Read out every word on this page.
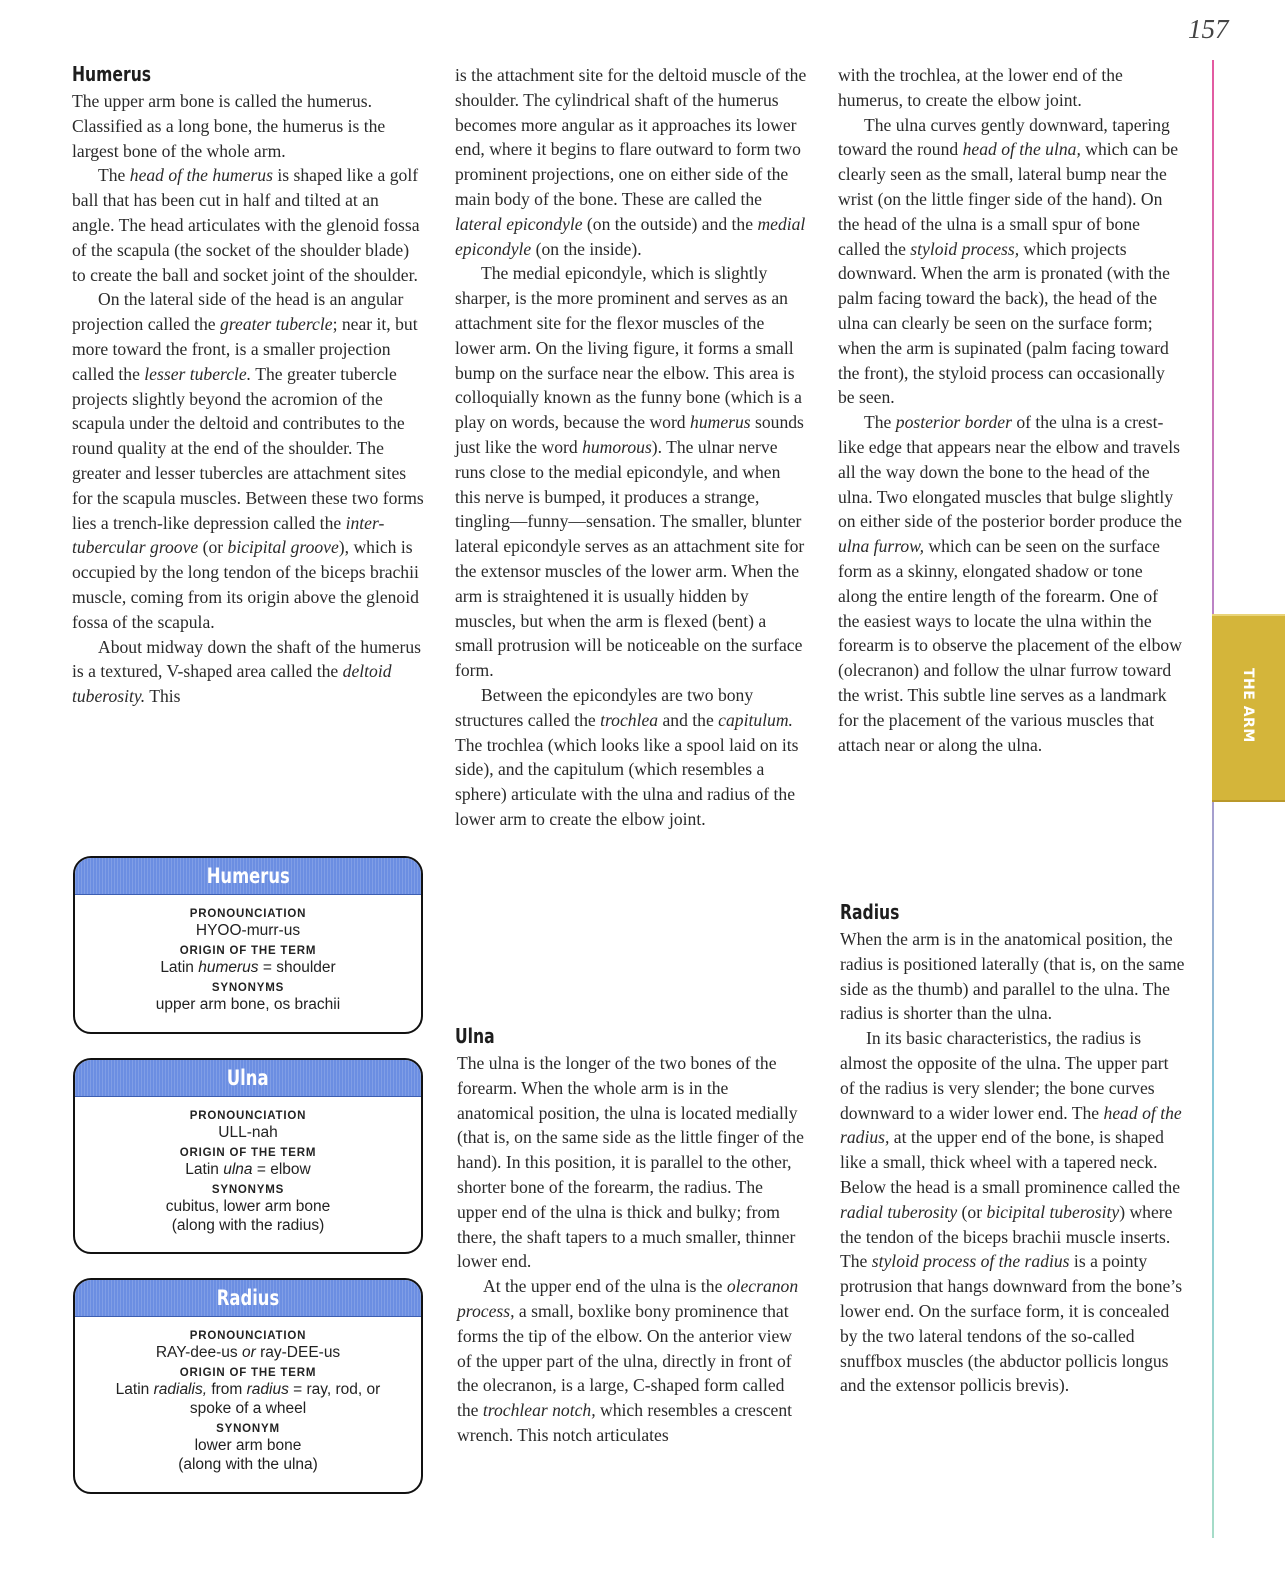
157
Humerus

The upper arm bone is called the humerus. Classified as a long bone, the humerus is the largest bone of the whole arm.

The head of the humerus is shaped like a golf ball that has been cut in half and tilted at an angle. The head articulates with the glenoid fossa of the scapula (the socket of the shoulder blade) to create the ball and socket joint of the shoulder.

On the lateral side of the head is an angular projection called the greater tubercle; near it, but more toward the front, is a smaller projection called the lesser tubercle. The greater tubercle projects slightly beyond the acromion of the scapula under the deltoid and contributes to the round quality at the end of the shoulder. The greater and lesser tubercles are attachment sites for the scapula muscles. Between these two forms lies a trench-like depression called the inter-tubercular groove (or bicipital groove), which is occupied by the long tendon of the biceps brachii muscle, coming from its origin above the glenoid fossa of the scapula.

About midway down the shaft of the humerus is a textured, V-shaped area called the deltoid tuberosity. This

Humerus
PRONOUNCIATION
HYOO-murr-us
ORIGIN OF THE TERM
Latin humerus = shoulder
SYNONYMS
upper arm bone, os brachii
Ulna
PRONOUNCIATION
ULL-nah
ORIGIN OF THE TERM
Latin ulna = elbow
SYNONYMS
cubitus, lower arm bone
(along with the radius)
Radius
PRONOUNCIATION
RAY-dee-us or ray-DEE-us
ORIGIN OF THE TERM
Latin radialis, from radius = ray, rod, or
spoke of a wheel
SYNONYM
lower arm bone
(along with the ulna)

is the attachment site for the deltoid muscle of the shoulder. The cylindrical shaft of the humerus becomes more angular as it approaches its lower end, where it begins to flare outward to form two prominent projections, one on either side of the main body of the bone. These are called the lateral epicondyle (on the outside) and the medial epicondyle (on the inside).

The medial epicondyle, which is slightly sharper, is the more prominent and serves as an attachment site for the flexor muscles of the lower arm. On the living figure, it forms a small bump on the surface near the elbow. This area is colloquially known as the funny bone (which is a play on words, because the word humerus sounds just like the word humorous). The ulnar nerve runs close to the medial epicondyle, and when this nerve is bumped, it produces a strange, tingling—funny—sensation. The smaller, blunter lateral epicondyle serves as an attachment site for the extensor muscles of the lower arm. When the arm is straightened it is usually hidden by muscles, but when the arm is flexed (bent) a small protrusion will be noticeable on the surface form.

Between the epicondyles are two bony structures called the trochlea and the capitulum. The trochlea (which looks like a spool laid on its side), and the capitulum (which resembles a sphere) articulate with the ulna and radius of the lower arm to create the elbow joint.

Ulna

The ulna is the longer of the two bones of the forearm. When the whole arm is in the anatomical position, the ulna is located medially (that is, on the same side as the little finger of the hand). In this position, it is parallel to the other, shorter bone of the forearm, the radius. The upper end of the ulna is thick and bulky; from there, the shaft tapers to a much smaller, thinner lower end.

At the upper end of the ulna is the olecranon process, a small, boxlike bony prominence that forms the tip of the elbow. On the anterior view of the upper part of the ulna, directly in front of the olecranon, is a large, C-shaped form called the trochlear notch, which resembles a crescent wrench. This notch articulates

with the trochlea, at the lower end of the humerus, to create the elbow joint.

The ulna curves gently downward, tapering toward the round head of the ulna, which can be clearly seen as the small, lateral bump near the wrist (on the little finger side of the hand). On the head of the ulna is a small spur of bone called the styloid process, which projects downward. When the arm is pronated (with the palm facing toward the back), the head of the ulna can clearly be seen on the surface form; when the arm is supinated (palm facing toward the front), the styloid process can occasionally be seen.

The posterior border of the ulna is a crest-like edge that appears near the elbow and travels all the way down the bone to the head of the ulna. Two elongated muscles that bulge slightly on either side of the posterior border produce the ulna furrow, which can be seen on the surface form as a skinny, elongated shadow or tone along the entire length of the forearm. One of the easiest ways to locate the ulna within the forearm is to observe the placement of the elbow (olecranon) and follow the ulnar furrow toward the wrist. This subtle line serves as a landmark for the placement of the various muscles that attach near or along the ulna.

Radius

When the arm is in the anatomical position, the radius is positioned laterally (that is, on the same side as the thumb) and parallel to the ulna. The radius is shorter than the ulna.

In its basic characteristics, the radius is almost the opposite of the ulna. The upper part of the radius is very slender; the bone curves downward to a wider lower end. The head of the radius, at the upper end of the bone, is shaped like a small, thick wheel with a tapered neck. Below the head is a small prominence called the radial tuberosity (or bicipital tuberosity) where the tendon of the biceps brachii muscle inserts. The styloid process of the radius is a pointy protrusion that hangs downward from the bone’s lower end. On the surface form, it is concealed by the two lateral tendons of the so-called snuffbox muscles (the abductor pollicis longus and the extensor pollicis brevis).

THE ARM
